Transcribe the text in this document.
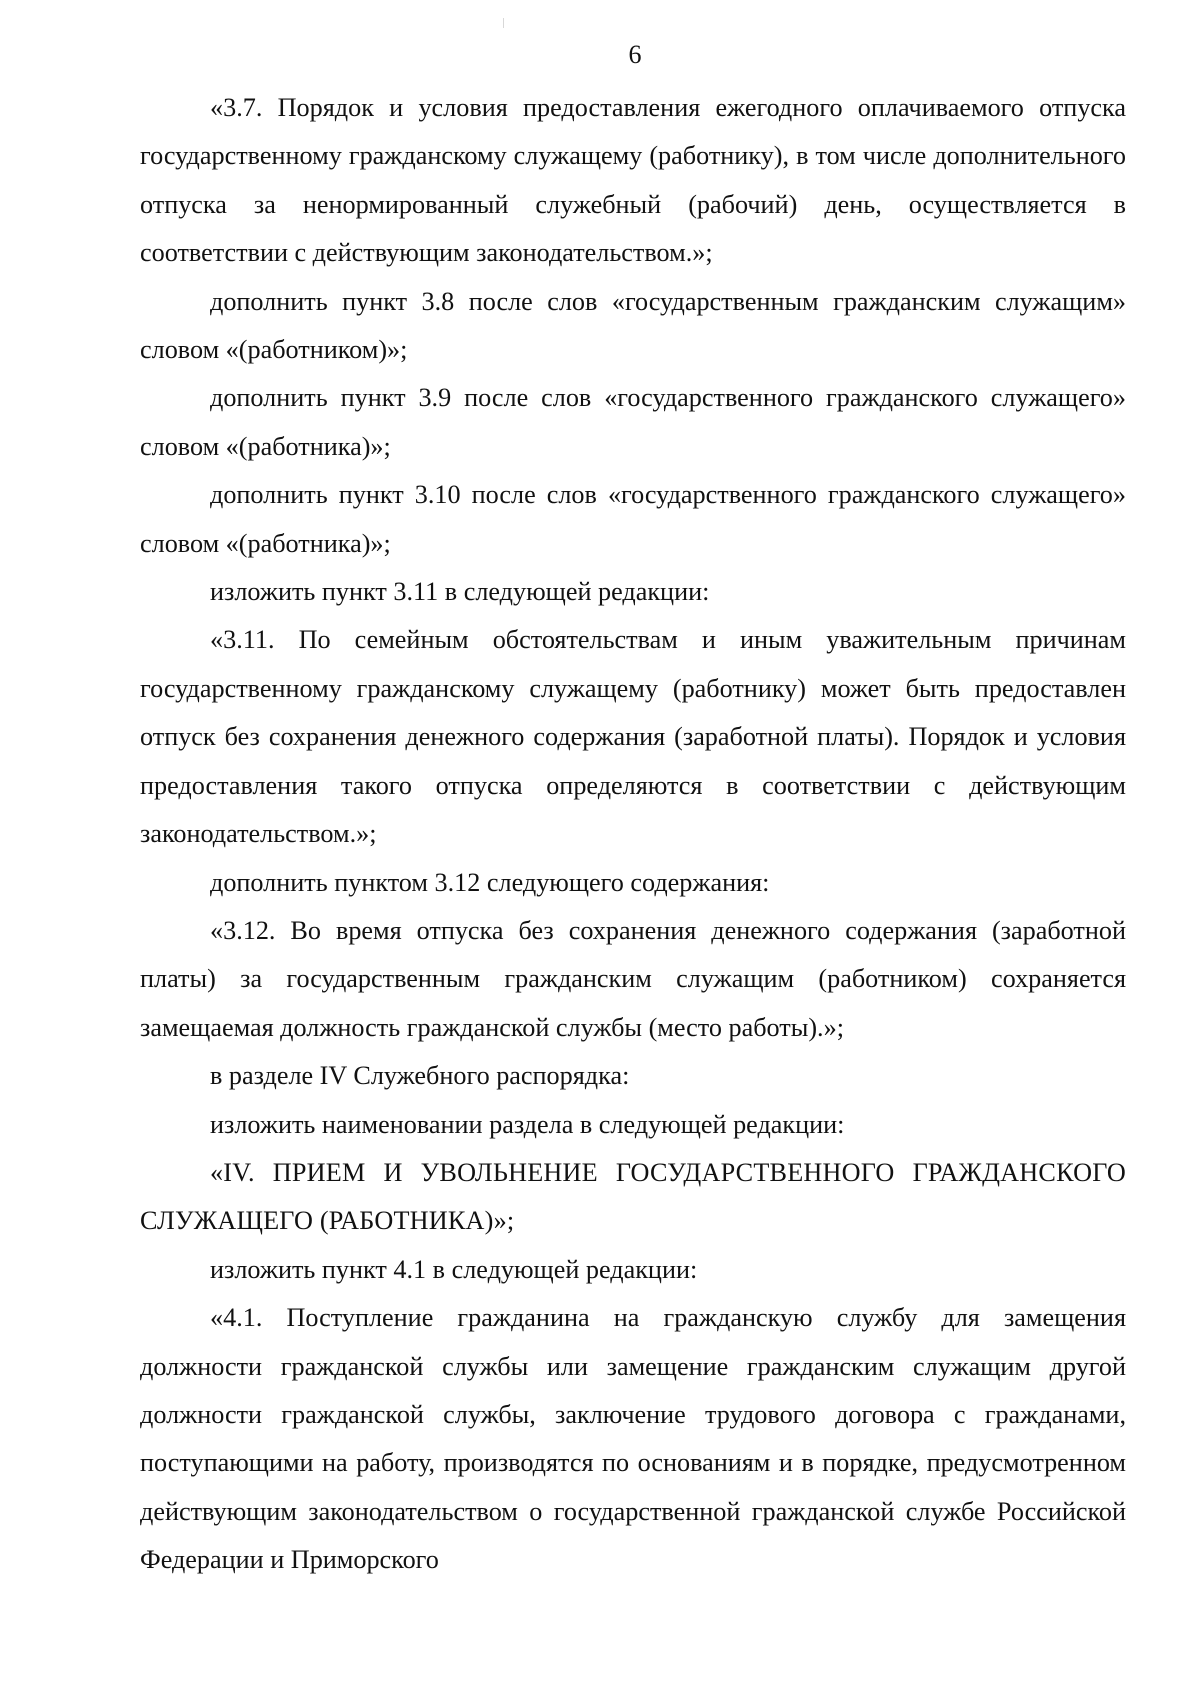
6

«3.7. Порядок и условия предоставления ежегодного оплачиваемого отпуска государственному гражданскому служащему (работнику), в том числе дополнительного отпуска за ненормированный служебный (рабочий) день, осуществляется в соответствии с действующим законодательством.»;

дополнить пункт 3.8 после слов «государственным гражданским служащим» словом «(работником)»;

дополнить пункт 3.9 после слов «государственного гражданского служащего» словом «(работника)»;

дополнить пункт 3.10 после слов «государственного гражданского служащего» словом «(работника)»;

изложить пункт 3.11 в следующей редакции:

«3.11. По семейным обстоятельствам и иным уважительным причинам государственному гражданскому служащему (работнику) может быть предоставлен отпуск без сохранения денежного содержания (заработной платы). Порядок и условия предоставления такого отпуска определяются в соответствии с действующим законодательством.»;

дополнить пунктом 3.12 следующего содержания:

«3.12. Во время отпуска без сохранения денежного содержания (заработной платы) за государственным гражданским служащим (работником) сохраняется замещаемая должность гражданской службы (место работы).»;

в разделе IV Служебного распорядка:

изложить наименовании раздела в следующей редакции:

«IV. ПРИЕМ И УВОЛЬНЕНИЕ ГОСУДАРСТВЕННОГО ГРАЖДАНСКОГО СЛУЖАЩЕГО (РАБОТНИКА)»;

изложить пункт 4.1 в следующей редакции:

«4.1. Поступление гражданина на гражданскую службу для замещения должности гражданской службы или замещение гражданским служащим другой должности гражданской службы, заключение трудового договора с гражданами, поступающими на работу, производятся по основаниям и в порядке, предусмотренном действующим законодательством о государственной гражданской службе Российской Федерации и Приморского
